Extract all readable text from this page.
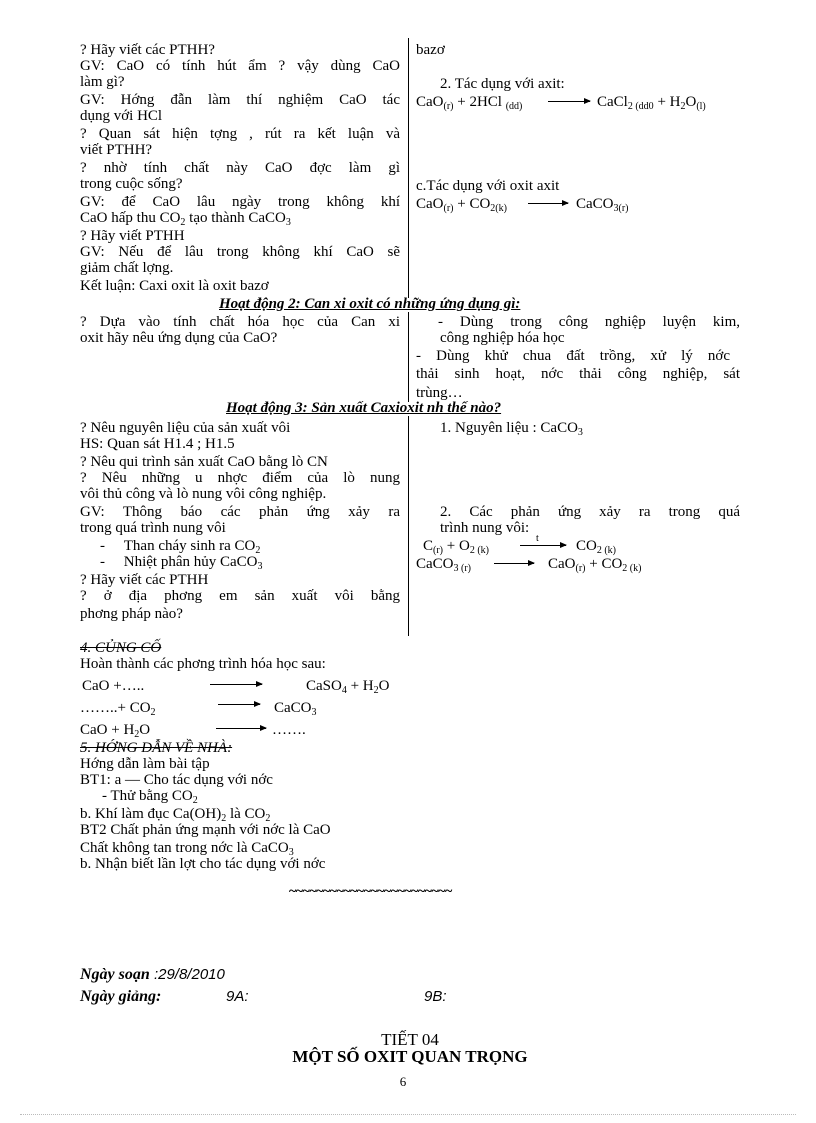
? Hãy viết các PTHH?
GV: CaO có tính hút ẩm ? vậy dùng CaO
làm gì?
GV: Hớng đẫn làm thí nghiệm CaO tác
dụng với HCl
? Quan sát hiện tợng , rút ra kết luận và
viết PTHH?
? nhờ tính chất này CaO đợc làm gì
trong cuộc sống?
GV: để CaO lâu ngày trong không khí
CaO hấp thu $CO_2$ tạo thành CaCO$_3$
? Hãy viết PTHH
GV: Nếu để lâu trong không khí CaO sẽ
giảm chất lợng.
Kết luận: Caxi oxit là oxit bazơ
bazơ
2. Tác dụng với axit:
CaO$_{(r)}$ + 2HCl $_{(dd)}$ → CaCl$_{2 (dd0}$ + $H_2O_{(l)}$
c.Tác dụng với oxit axit
$CaO_{(r)} + CO_{2(k)}$ → CaCO$_{3(r)}$
Hoạt động 2: Can xi oxit có những ứng dụng gì:
? Dựa vào tính chất hóa học của Can xi
oxit hãy nêu ứng dụng của CaO?
- Dùng trong công nghiệp luyện kim,
công nghiệp hóa học
- Dùng khử chua đất trồng, xử lý nớc
thải sinh hoạt, nớc thải công nghiệp, sát
trùng…
Hoạt động 3: Sản xuất Caxioxit nh thế nào?
? Nêu nguyên liệu của sản xuất vôi
HS: Quan sát H1.4 ; H1.5
? Nêu qui trình sản xuất CaO bằng lò CN
? Nêu những u nhợc điểm của lò nung
vôi thủ công và lò nung vôi công nghiệp.
GV: Thông báo các phản ứng xảy ra
trong quá trình nung vôi
-     Than cháy sinh ra $CO_2$
-     Nhiệt phân hủy CaCO$_3$
? Hãy viết các PTHH
? ở địa phơng em sản xuất vôi bằng
phơng pháp nào?
1. Nguyên liệu : CaCO$_3$
2. Các phản ứng xảy ra trong quá
trình nung vôi:
$C_{(r)} + O_{2 (k)}$
$t \to CO_{2 (k)}$
CaCO$_{3 (r)}$ → $CaO_{(r)} + CO_{2 (k)}$
4. CỦNG CỐ
Hoàn thành các phơng trình hóa học sau:
CaO +…..	CaSO$_4$ + $H_2O$
……..+ $CO_2$ → CaCO$_3$
CaO + $H_2O$	→ …….
5. HỚNG DẪN VỀ NHÀ:
Hớng dẫn làm bài tập
BT1: a — Cho tác dụng với nớc
- Thử bằng $CO_2$
b. Khí làm đục $Ca(OH)_2$ là $CO_2$
BT2 Chất phản ứng mạnh với nớc là CaO
Chất không tan trong nớc là CaCO$_3$
b. Nhận biết lần lợt cho tác dụng với nớc
~~~~~~~~~~~~~~~~~~~~~~~~
Ngày soạn :29/8/2010
Ngày giảng:	9A:	9B:
TIẾT 04
MỘT SỐ OXIT QUAN TRỌNG
6
